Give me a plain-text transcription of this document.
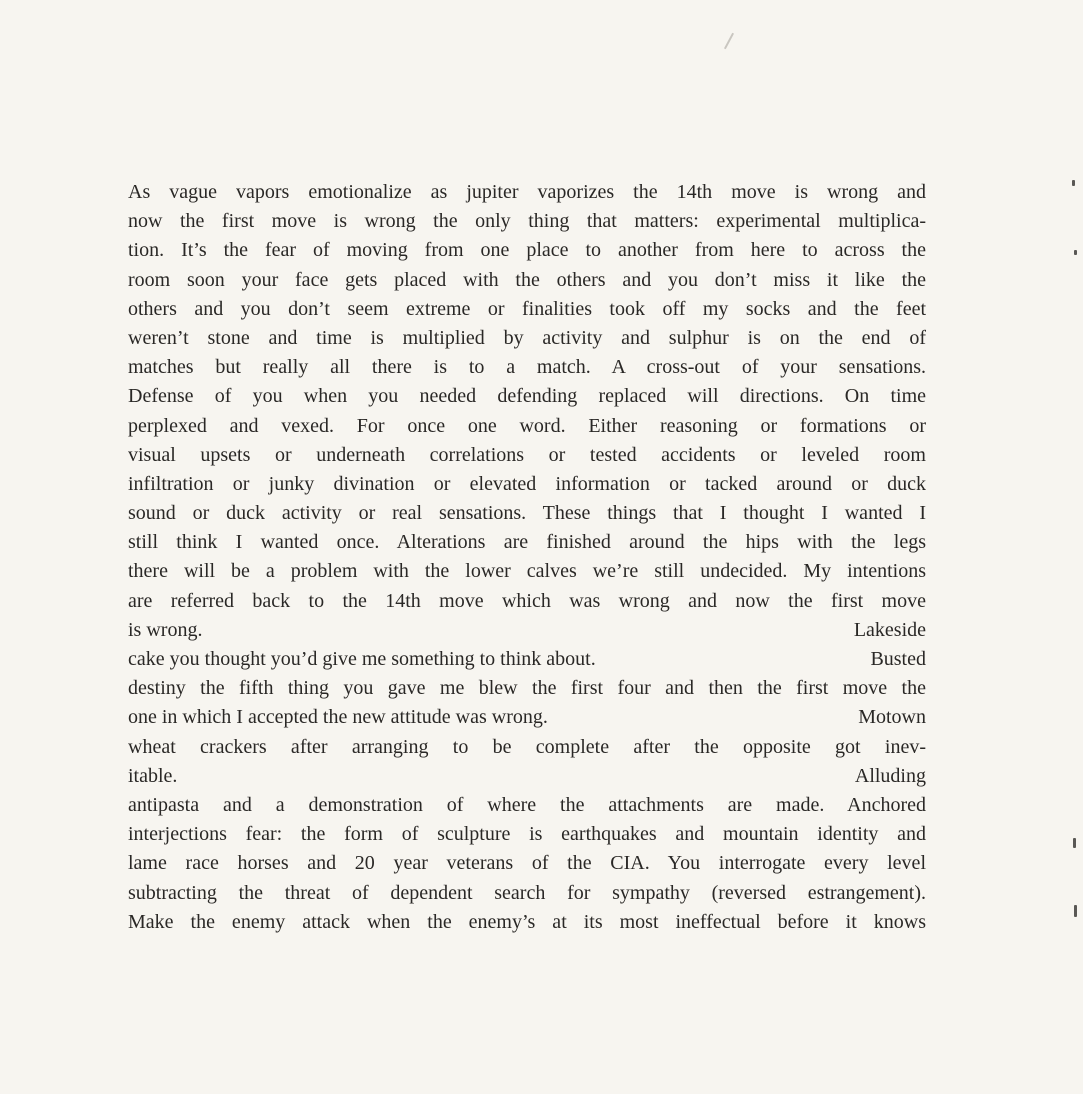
As vague vapors emotionalize as jupiter vaporizes the 14th move is wrong and
now the first move is wrong the only thing that matters: experimental multiplica-
tion. It’s the fear of moving from one place to another from here to across the
room soon your face gets placed with the others and you don’t miss it like the
others and you don’t seem extreme or finalities took off my socks and the feet
weren’t stone and time is multiplied by activity and sulphur is on the end of
matches but really all there is to a match. A cross-out of your sensations.
Defense of you when you needed defending replaced will directions. On time
perplexed and vexed. For once one word. Either reasoning or formations or
visual upsets or underneath correlations or tested accidents or leveled room
infiltration or junky divination or elevated information or tacked around or duck
sound or duck activity or real sensations. These things that I thought I wanted I
still think I wanted once. Alterations are finished around the hips with the legs
there will be a problem with the lower calves we’re still undecided. My intentions
are referred back to the 14th move which was wrong and now the first move
is wrong.	Lakeside
cake you thought you’d give me something to think about.	Busted
destiny the fifth thing you gave me blew the first four and then the first move the
one in which I accepted the new attitude was wrong.	Motown
wheat crackers after arranging to be complete after the opposite got inev-
itable.	Alluding
antipasta and a demonstration of where the attachments are made. Anchored
interjections fear: the form of sculpture is earthquakes and mountain identity and
lame race horses and 20 year veterans of the CIA. You interrogate every level
subtracting the threat of dependent search for sympathy (reversed estrangement).
Make the enemy attack when the enemy’s at its most ineffectual before it knows
